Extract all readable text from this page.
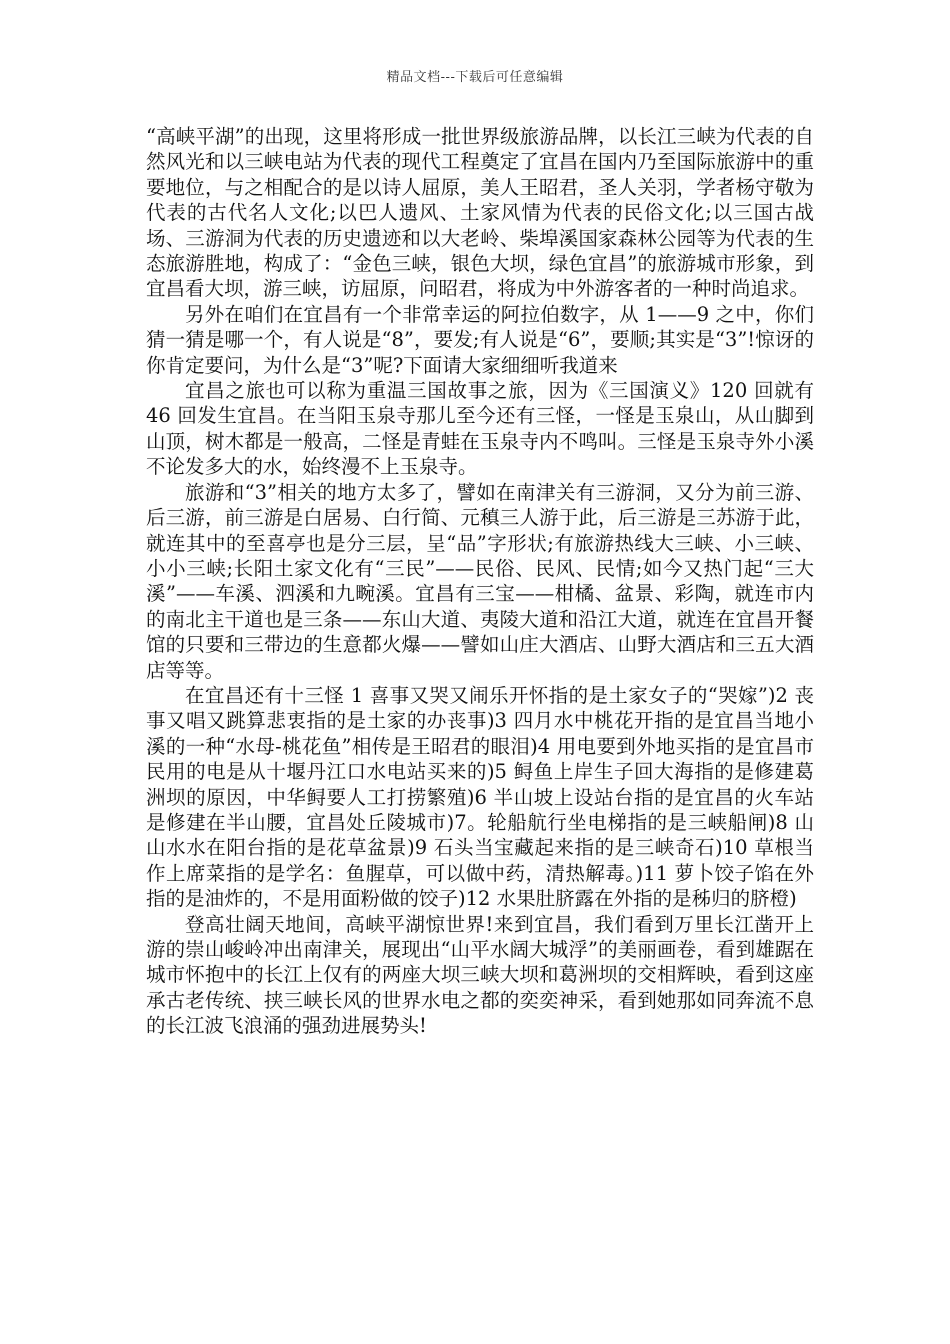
精品文档---下载后可任意编辑

“高峡平湖”的出现，这里将形成一批世界级旅游品牌，以长江三峡为代表的自然风光和以三峡电站为代表的现代工程奠定了宜昌在国内乃至国际旅游中的重要地位，与之相配合的是以诗人屈原，美人王昭君，圣人关羽，学者杨守敬为代表的古代名人文化;以巴人遗风、土家风情为代表的民俗文化;以三国古战场、三游洞为代表的历史遗迹和以大老岭、柴埠溪国家森林公园等为代表的生态旅游胜地，构成了：“金色三峡，银色大坝，绿色宜昌”的旅游城市形象，到宜昌看大坝，游三峡，访屈原，问昭君，将成为中外游客者的一种时尚追求。

另外在咱们在宜昌有一个非常幸运的阿拉伯数字，从 1——9 之中，你们猜一猜是哪一个，有人说是“8”，要发;有人说是“6”，要顺;其实是“3”!惊讶的你肯定要问，为什么是“3”呢?下面请大家细细听我道来

宜昌之旅也可以称为重温三国故事之旅，因为《三国演义》120 回就有 46 回发生宜昌。在当阳玉泉寺那儿至今还有三怪，一怪是玉泉山，从山脚到山顶，树木都是一般高，二怪是青蛙在玉泉寺内不鸣叫。三怪是玉泉寺外小溪不论发多大的水，始终漫不上玉泉寺。

旅游和“3”相关的地方太多了，譬如在南津关有三游洞，又分为前三游、后三游，前三游是白居易、白行简、元稹三人游于此，后三游是三苏游于此，就连其中的至喜亭也是分三层，呈“品”字形状;有旅游热线大三峡、小三峡、小小三峡;长阳土家文化有“三民”——民俗、民风、民情;如今又热门起“三大溪”——车溪、泗溪和九畹溪。宜昌有三宝——柑橘、盆景、彩陶，就连市内的南北主干道也是三条——东山大道、夷陵大道和沿江大道，就连在宜昌开餐馆的只要和三带边的生意都火爆——譬如山庄大酒店、山野大酒店和三五大酒店等等。

在宜昌还有十三怪 1 喜事又哭又闹乐开怀指的是土家女子的“哭嫁”)2 丧事又唱又跳算悲衷指的是土家的办丧事)3 四月水中桃花开指的是宜昌当地小溪的一种“水母-桃花鱼”相传是王昭君的眼泪)4 用电要到外地买指的是宜昌市民用的电是从十堰丹江口水电站买来的)5 鲟鱼上岸生子回大海指的是修建葛洲坝的原因，中华鲟要人工打捞繁殖)6 半山坡上设站台指的是宜昌的火车站是修建在半山腰，宜昌处丘陵城市)7。轮船航行坐电梯指的是三峡船闸)8 山山水水在阳台指的是花草盆景)9 石头当宝藏起来指的是三峡奇石)10 草根当作上席菜指的是学名：鱼腥草，可以做中药，清热解毒。)11 萝卜饺子馅在外指的是油炸的，不是用面粉做的饺子)12 水果肚脐露在外指的是秭归的脐橙)

登高壮阔天地间，高峡平湖惊世界!来到宜昌，我们看到万里长江凿开上游的崇山峻岭冲出南津关，展现出“山平水阔大城浮”的美丽画卷，看到雄踞在城市怀抱中的长江上仅有的两座大坝三峡大坝和葛洲坝的交相辉映，看到这座承古老传统、挟三峡长风的世界水电之都的奕奕神采，看到她那如同奔流不息的长江波飞浪涌的强劲进展势头!
